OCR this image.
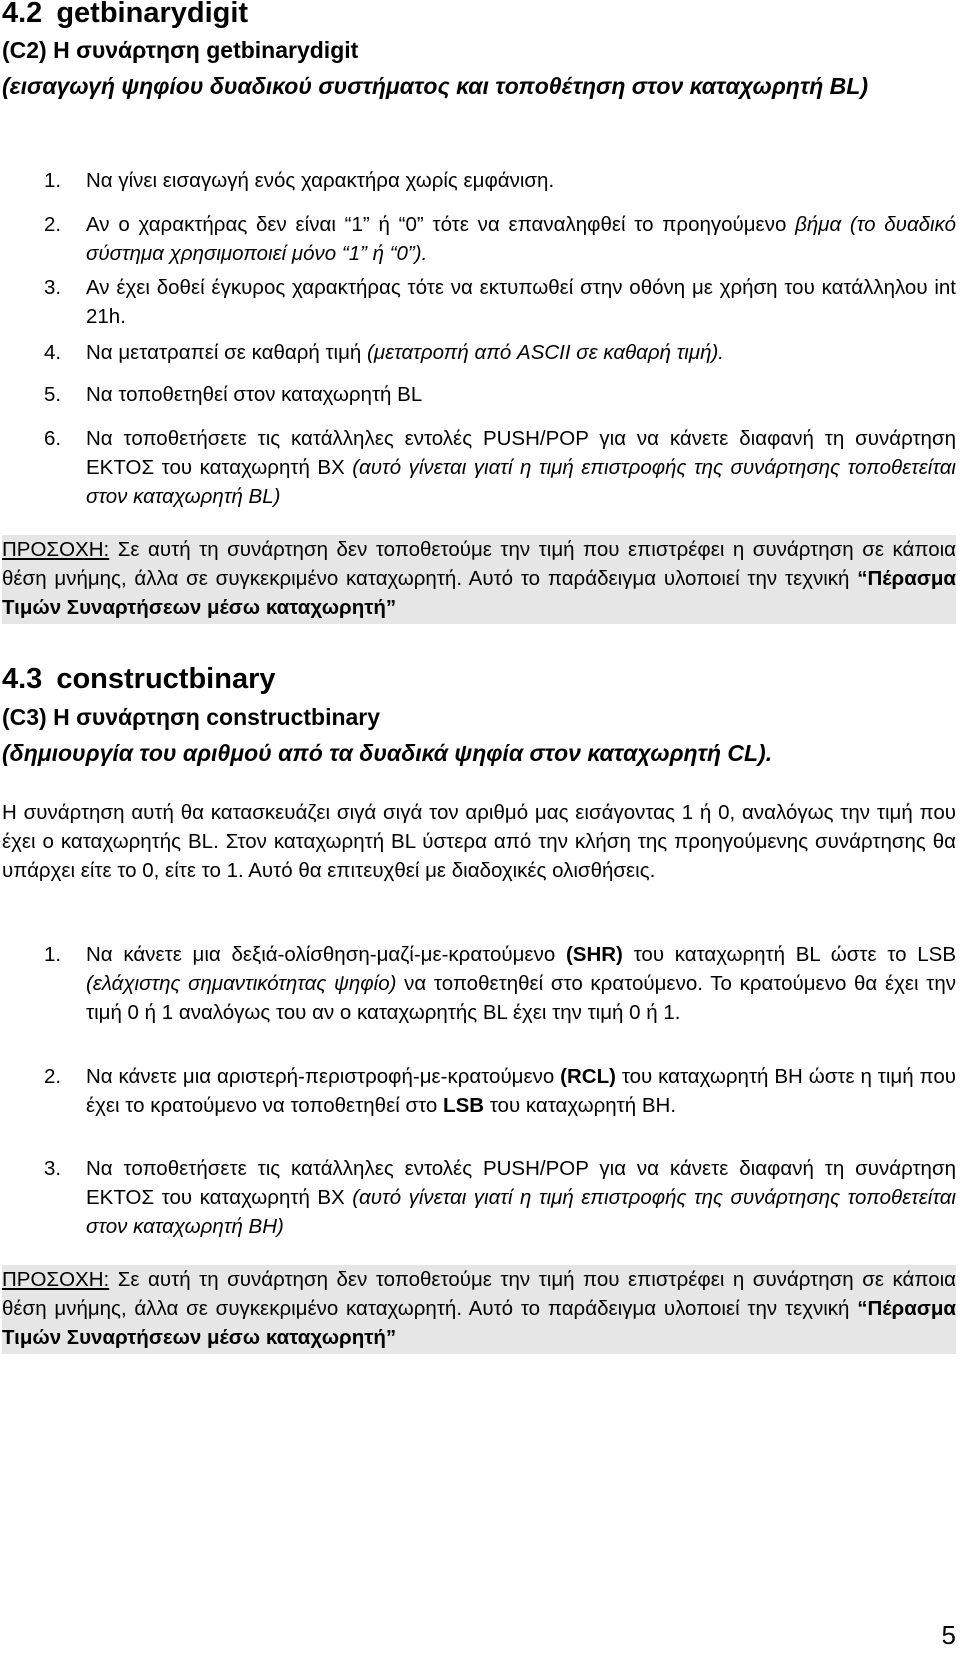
4.2 getbinarydigit

(C2) Η συνάρτηση getbinarydigit

(εισαγωγή ψηφίου δυαδικού συστήματος και τοποθέτηση στον καταχωρητή BL)

1.	Να γίνει εισαγωγή ενός χαρακτήρα χωρίς εμφάνιση.
2.	Αν ο χαρακτήρας δεν είναι “1” ή “0” τότε να επαναληφθεί το προηγούμενο βήμα (το δυαδικό σύστημα χρησιμοποιεί μόνο “1” ή “0”).
3.	Αν έχει δοθεί έγκυρος χαρακτήρας τότε να εκτυπωθεί στην οθόνη με χρήση του κατάλληλου int 21h.
4.	Να μετατραπεί σε καθαρή τιμή (μετατροπή από ASCII σε καθαρή τιμή).
5.	Να τοποθετηθεί στον καταχωρητή BL
6.	Να τοποθετήσετε τις κατάλληλες εντολές PUSH/POP για να κάνετε διαφανή τη συνάρτηση ΕΚΤΟΣ του καταχωρητή BX (αυτό γίνεται γιατί η τιμή επιστροφής της συνάρτησης τοποθετείται στον καταχωρητή BL)

ΠΡΟΣΟΧΗ: Σε αυτή τη συνάρτηση δεν τοποθετούμε την τιμή που επιστρέφει η συνάρτηση σε κάποια θέση μνήμης, άλλα σε συγκεκριμένο καταχωρητή. Αυτό το παράδειγμα υλοποιεί την τεχνική “Πέρασμα Τιμών Συναρτήσεων μέσω καταχωρητή”

4.3 constructbinary

(C3) Η συνάρτηση constructbinary

(δημιουργία του αριθμού από τα δυαδικά ψηφία στον καταχωρητή CL).

Η συνάρτηση αυτή θα κατασκευάζει σιγά σιγά τον αριθμό μας εισάγοντας 1 ή 0, αναλόγως την τιμή που έχει ο καταχωρητής BL. Στον καταχωρητή BL ύστερα από την κλήση της προηγούμενης συνάρτησης θα υπάρχει είτε το 0, είτε το 1. Αυτό θα επιτευχθεί με διαδοχικές ολισθήσεις.

1.	Να κάνετε μια δεξιά-ολίσθηση-μαζί-με-κρατούμενο (SHR) του καταχωρητή BL ώστε το LSB (ελάχιστης σημαντικότητας ψηφίο) να τοποθετηθεί στο κρατούμενο. Το κρατούμενο θα έχει την τιμή 0 ή 1 αναλόγως του αν ο καταχωρητής BL έχει την τιμή 0 ή 1.
2.	Να κάνετε μια αριστερή-περιστροφή-με-κρατούμενο (RCL) του καταχωρητή BH ώστε η τιμή που έχει το κρατούμενο να τοποθετηθεί στο LSB του καταχωρητή BH.
3.	Να τοποθετήσετε τις κατάλληλες εντολές PUSH/POP για να κάνετε διαφανή τη συνάρτηση ΕΚΤΟΣ του καταχωρητή BX (αυτό γίνεται γιατί η τιμή επιστροφής της συνάρτησης τοποθετείται στον καταχωρητή BH)

ΠΡΟΣΟΧΗ: Σε αυτή τη συνάρτηση δεν τοποθετούμε την τιμή που επιστρέφει η συνάρτηση σε κάποια θέση μνήμης, άλλα σε συγκεκριμένο καταχωρητή. Αυτό το παράδειγμα υλοποιεί την τεχνική “Πέρασμα Τιμών Συναρτήσεων μέσω καταχωρητή”

5
